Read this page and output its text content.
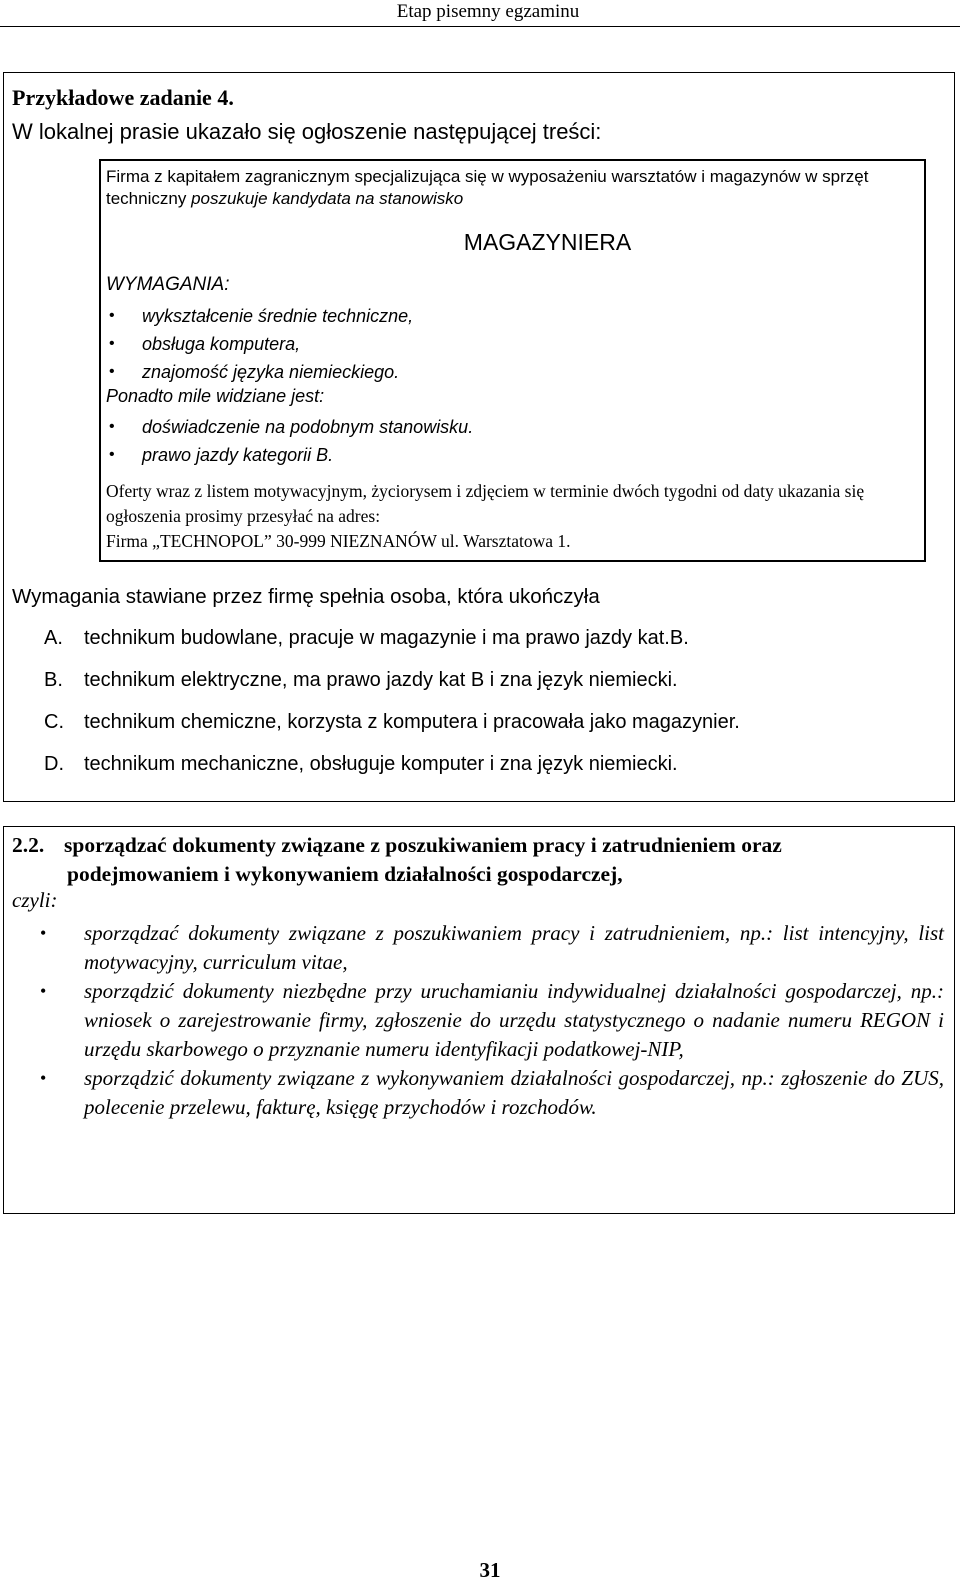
Etap pisemny egzaminu
Przykładowe zadanie 4.
W lokalnej prasie ukazało się ogłoszenie następującej treści:
Firma z kapitałem zagranicznym specjalizująca się w wyposażeniu warsztatów i magazynów w sprzęt techniczny poszukuje kandydata na stanowisko
MAGAZYNIERA
WYMAGANIA:
• wykształcenie średnie techniczne,
• obsługa komputera,
• znajomość języka niemieckiego.
Ponadto mile widziane jest:
• doświadczenie na podobnym stanowisku.
• prawo jazdy kategorii B.
Oferty wraz z listem motywacyjnym, życiorysem i zdjęciem w terminie dwóch tygodni od daty ukazania się ogłoszenia prosimy przesyłać na adres:
Firma „TECHNOPOL” 30-999 NIEZNANÓW ul. Warsztatowa 1.
Wymagania stawiane przez firmę spełnia osoba, która ukończyła
A. technikum budowlane, pracuje w magazynie i ma prawo jazdy kat.B.
B. technikum elektryczne, ma prawo jazdy kat B i zna język niemiecki.
C. technikum chemiczne, korzysta z komputera i pracowała jako magazynier.
D. technikum mechaniczne, obsługuje komputer i zna język niemiecki.
2.2. sporządzać dokumenty związane z poszukiwaniem pracy i zatrudnieniem oraz
podejmowaniem i wykonywaniem działalności gospodarczej,
czyli:
• sporządzać dokumenty związane z poszukiwaniem pracy i zatrudnieniem, np.: list intencyjny, list motywacyjny, curriculum vitae,
• sporządzić dokumenty niezbędne przy uruchamianiu indywidualnej działalności gospodarczej, np.: wniosek o zarejestrowanie firmy, zgłoszenie do urzędu statystycznego o nadanie numeru REGON i urzędu skarbowego o przyznanie numeru identyfikacji podatkowej-NIP,
• sporządzić dokumenty związane z wykonywaniem działalności gospodarczej, np.: zgłoszenie do ZUS, polecenie przelewu, fakturę, księgę przychodów i rozchodów.
31
